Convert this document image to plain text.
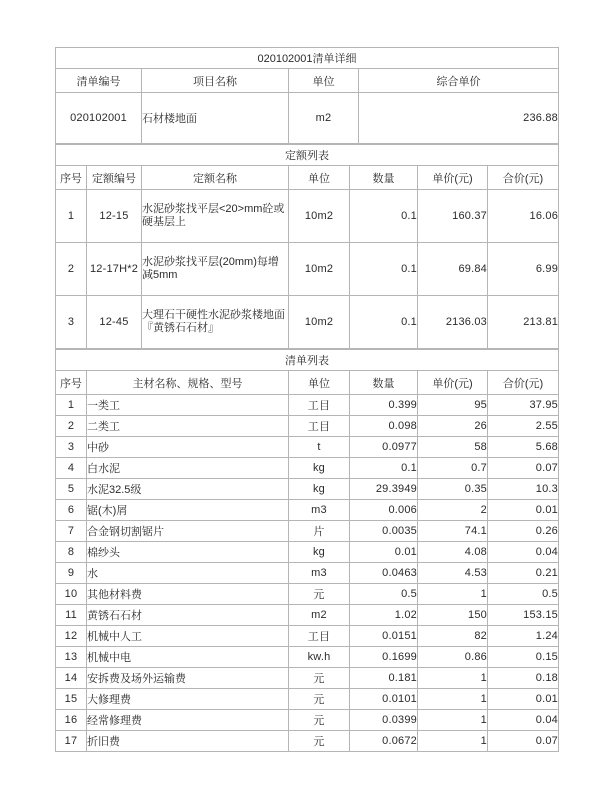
020102001清单详细			
清单编号	项目名称	单位	综合单价
020102001	石材楼地面	m2	236.88
定额列表						
序号	定额编号	定额名称	单位	数量	单价(元)	合价(元)
1	12-15	水泥砂浆找平层<20>mm砼或硬基层上	10m2	0.1	160.37	16.06
2	12-17H*2	水泥砂浆找平层(20mm)每增减5mm	10m2	0.1	69.84	6.99
3	12-45	大理石干硬性水泥砂浆楼地面『黄锈石石材』	10m2	0.1	2136.03	213.81
清单列表					
序号	主材名称、规格、型号	单位	数量	单价(元)	合价(元)
1	一类工	工目	0.399	95	37.95
2	二类工	工目	0.098	26	2.55
3	中砂	t	0.0977	58	5.68
4	白水泥	kg	0.1	0.7	0.07
5	水泥32.5级	kg	29.3949	0.35	10.3
6	锯(木)屑	m3	0.006	2	0.01
7	合金钢切割锯片	片	0.0035	74.1	0.26
8	棉纱头	kg	0.01	4.08	0.04
9	水	m3	0.0463	4.53	0.21
10	其他材料费	元	0.5	1	0.5
11	黄锈石石材	m2	1.02	150	153.15
12	机械中人工	工目	0.0151	82	1.24
13	机械中电	kw.h	0.1699	0.86	0.15
14	安拆费及场外运输费	元	0.181	1	0.18
15	大修理费	元	0.0101	1	0.01
16	经常修理费	元	0.0399	1	0.04
17	折旧费	元	0.0672	1	0.07
